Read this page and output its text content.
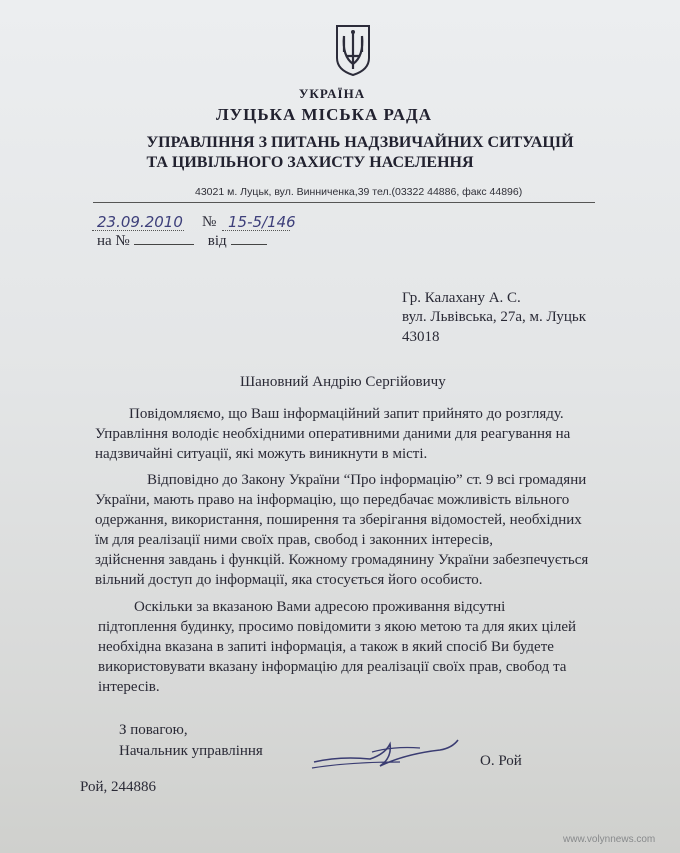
УКРАЇНА
ЛУЦЬКА МІСЬКА РАДА
УПРАВЛІННЯ З ПИТАНЬ НАДЗВИЧАЙНИХ СИТУАЦІЙ
ТА ЦИВІЛЬНОГО ЗАХИСТУ НАСЕЛЕННЯ
43021 м. Луцьк, вул. Винниченка,39 тел.(03322 44886, факс 44896)
23.09.2010 № 15-5/146
на №	від
Гр. Калахану А. С.
вул. Львівська, 27а, м. Луцьк
43018
Шановний Андрію Сергійовичу
Повідомляємо, що Ваш інформаційний запит прийнято до розгляду.
Управління володіє необхідними оперативними даними для реагування на
надзвичайні ситуації, які можуть виникнути в місті.
Відповідно до Закону України “Про інформацію” ст. 9 всі громадяни
України, мають право на інформацію, що передбачає можливість вільного
одержання, використання, поширення та зберігання відомостей, необхідних
їм для реалізації ними своїх прав, свобод і законних інтересів,
здійснення завдань і функцій. Кожному громадянину України забезпечується
вільний доступ до інформації, яка стосується його особисто.
Оскільки за вказаною Вами адресою проживання відсутні
підтоплення будинку, просимо повідомити з якою метою та для яких цілей
необхідна вказана в запиті інформація, а також в який спосіб Ви будете
використовувати вказану інформацію для реалізації своїх прав, свобод та
інтересів.
З повагою,
Начальник управління
О. Рой
Рой, 244886
www.volynnews.com
